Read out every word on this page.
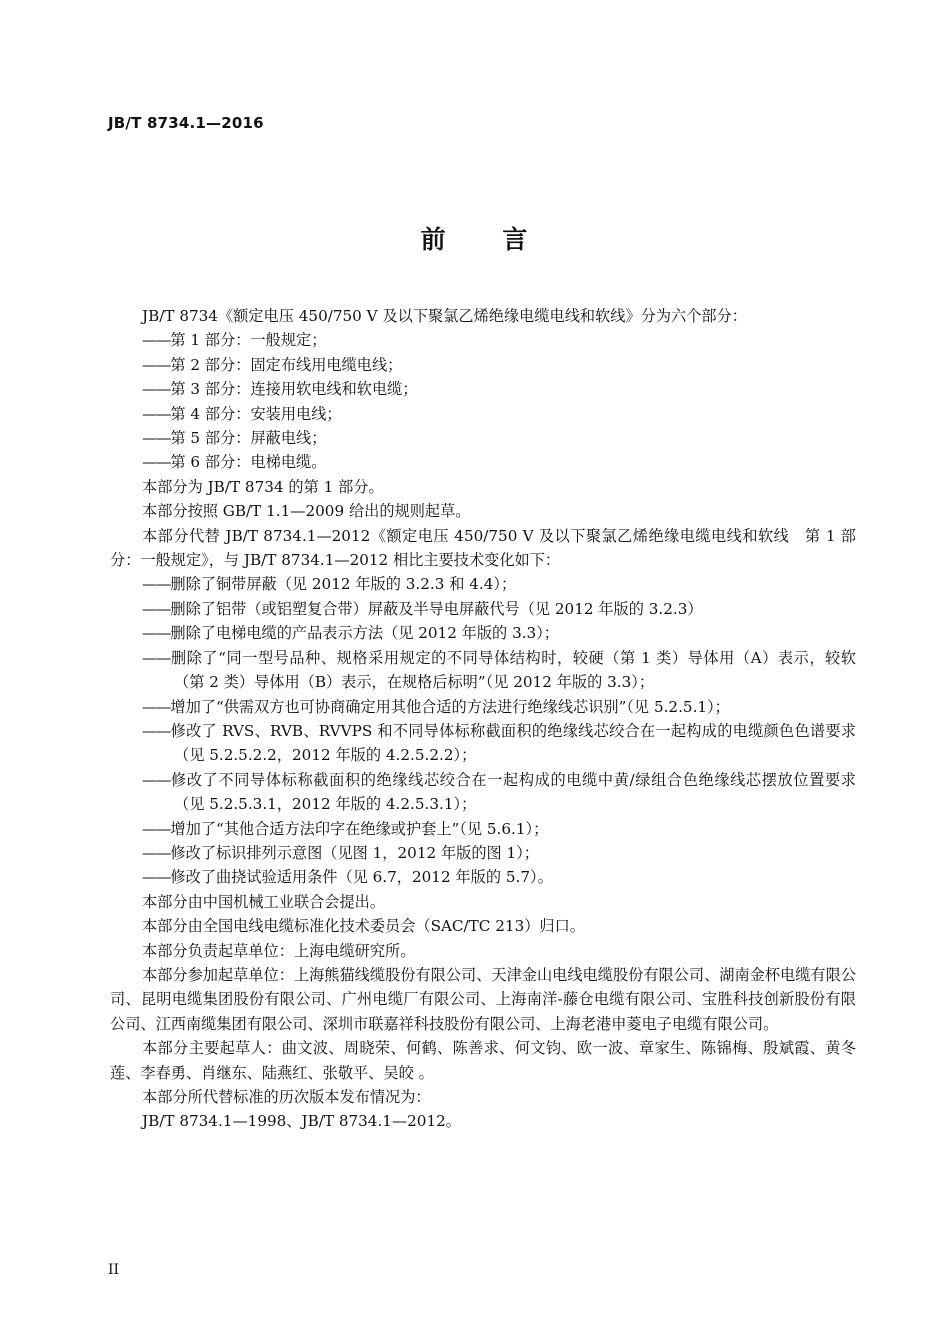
JB/T 8734.1—2016
前 言

JB/T 8734《额定电压 450/750 V 及以下聚氯乙烯绝缘电缆电线和软线》分为六个部分：

—— 第 1 部分：一般规定；

—— 第 2 部分：固定布线用电缆电线；

—— 第 3 部分：连接用软电线和软电缆；

—— 第 4 部分：安装用电线；

—— 第 5 部分：屏蔽电线；

—— 第 6 部分：电梯电缆。

本部分为 JB/T 8734 的第 1 部分。

本部分按照 GB/T 1.1—2009 给出的规则起草。

本部分代替 JB/T 8734.1—2012《额定电压 450/750 V 及以下聚氯乙烯绝缘电缆电线和软线　第 1 部分：一般规定》，与 JB/T 8734.1—2012 相比主要技术变化如下：

—— 删除了铜带屏蔽（见 2012 年版的 3.2.3 和 4.4）；

—— 删除了铝带（或铝塑复合带）屏蔽及半导电屏蔽代号（见 2012 年版的 3.2.3）

—— 删除了电梯电缆的产品表示方法（见 2012 年版的 3.3）；

—— 删除了“同一型号品种、规格采用规定的不同导体结构时，较硬（第 1 类）导体用（A）表示，较软（第 2 类）导体用（B）表示，在规格后标明”（见 2012 年版的 3.3）；

—— 增加了“供需双方也可协商确定用其他合适的方法进行绝缘线芯识别”（见 5.2.5.1）；

—— 修改了 RVS、RVB、RVVPS 和不同导体标称截面积的绝缘线芯绞合在一起构成的电缆颜色色谱要求（见 5.2.5.2.2，2012 年版的 4.2.5.2.2）；

—— 修改了不同导体标称截面积的绝缘线芯绞合在一起构成的电缆中黄/绿组合色绝缘线芯摆放位置要求（见 5.2.5.3.1，2012 年版的 4.2.5.3.1）；

—— 增加了“其他合适方法印字在绝缘或护套上”（见 5.6.1）；

—— 修改了标识排列示意图（见图 1，2012 年版的图 1）；

—— 修改了曲挠试验适用条件（见 6.7，2012 年版的 5.7）。

本部分由中国机械工业联合会提出。

本部分由全国电线电缆标准化技术委员会（SAC/TC 213）归口。

本部分负责起草单位：上海电缆研究所。

本部分参加起草单位：上海熊猫线缆股份有限公司、天津金山电线电缆股份有限公司、湖南金杯电缆有限公司、昆明电缆集团股份有限公司、广州电缆厂有限公司、上海南洋-藤仓电缆有限公司、宝胜科技创新股份有限公司、江西南缆集团有限公司、深圳市联嘉祥科技股份有限公司、上海老港申菱电子电缆有限公司。

本部分主要起草人：曲文波、周晓荣、何鹤、陈善求、何文钧、欧一波、章家生、陈锦梅、殷斌霞、黄冬莲、李春勇、肖继东、陆燕红、张敬平、吴皎 。

本部分所代替标准的历次版本发布情况为：

JB/T 8734.1—1998、JB/T 8734.1—2012。

II
